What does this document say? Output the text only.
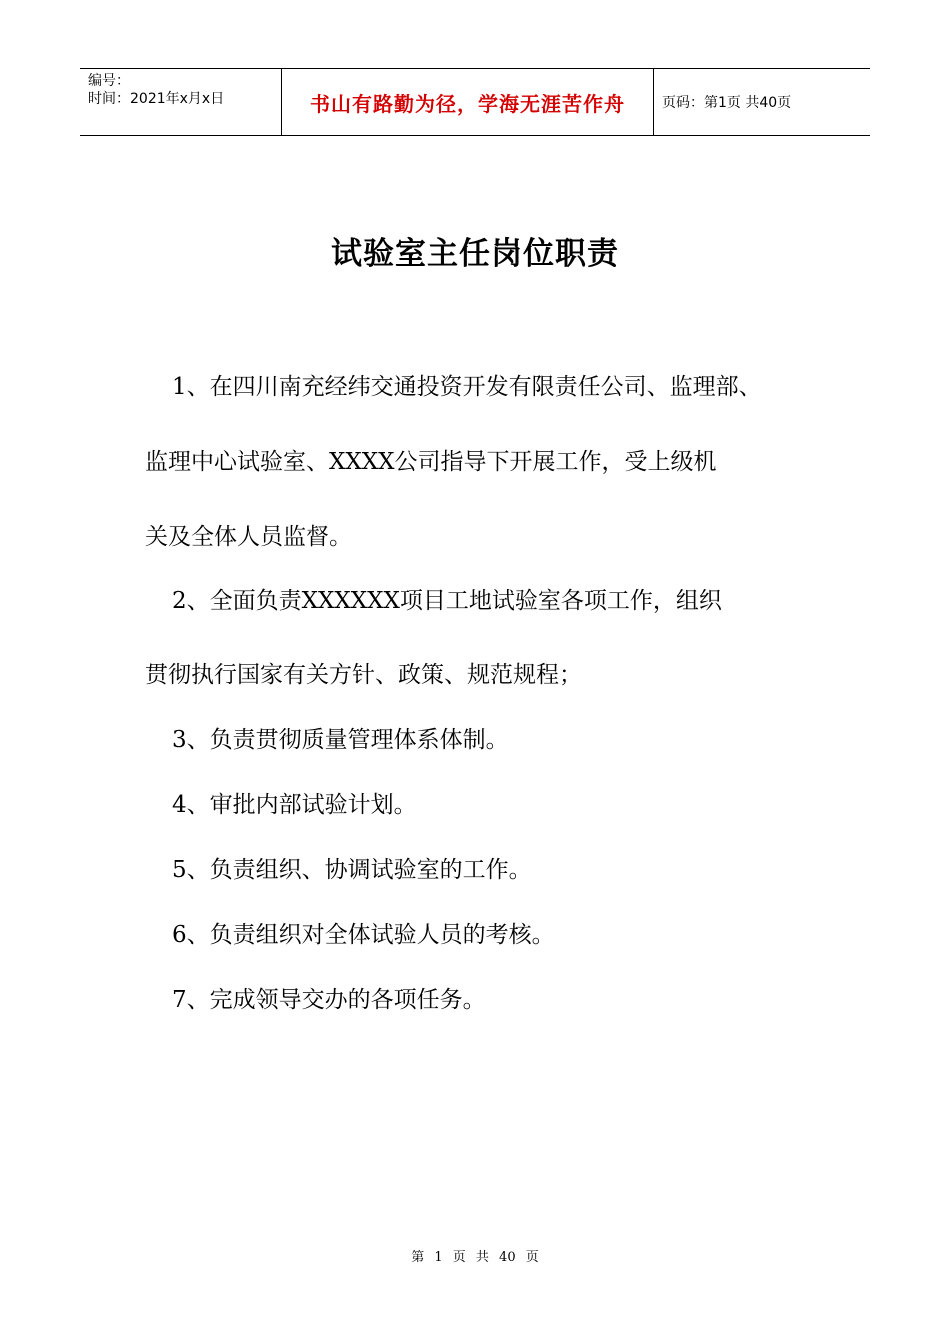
编号：
时间：2021年x月x日	书山有路勤为径，学海无涯苦作舟	页码：第1页 共40页
试验室主任岗位职责
1、在四川南充经纬交通投资开发有限责任公司、监理部、
监理中心试验室、XXXX公司指导下开展工作，受上级机
关及全体人员监督。
2、全面负责XXXXXX项目工地试验室各项工作，组织
贯彻执行国家有关方针、政策、规范规程；
3、负责贯彻质量管理体系体制。
4、审批内部试验计划。
5、负责组织、协调试验室的工作。
6、负责组织对全体试验人员的考核。
7、完成领导交办的各项任务。
第 1 页 共 40 页
